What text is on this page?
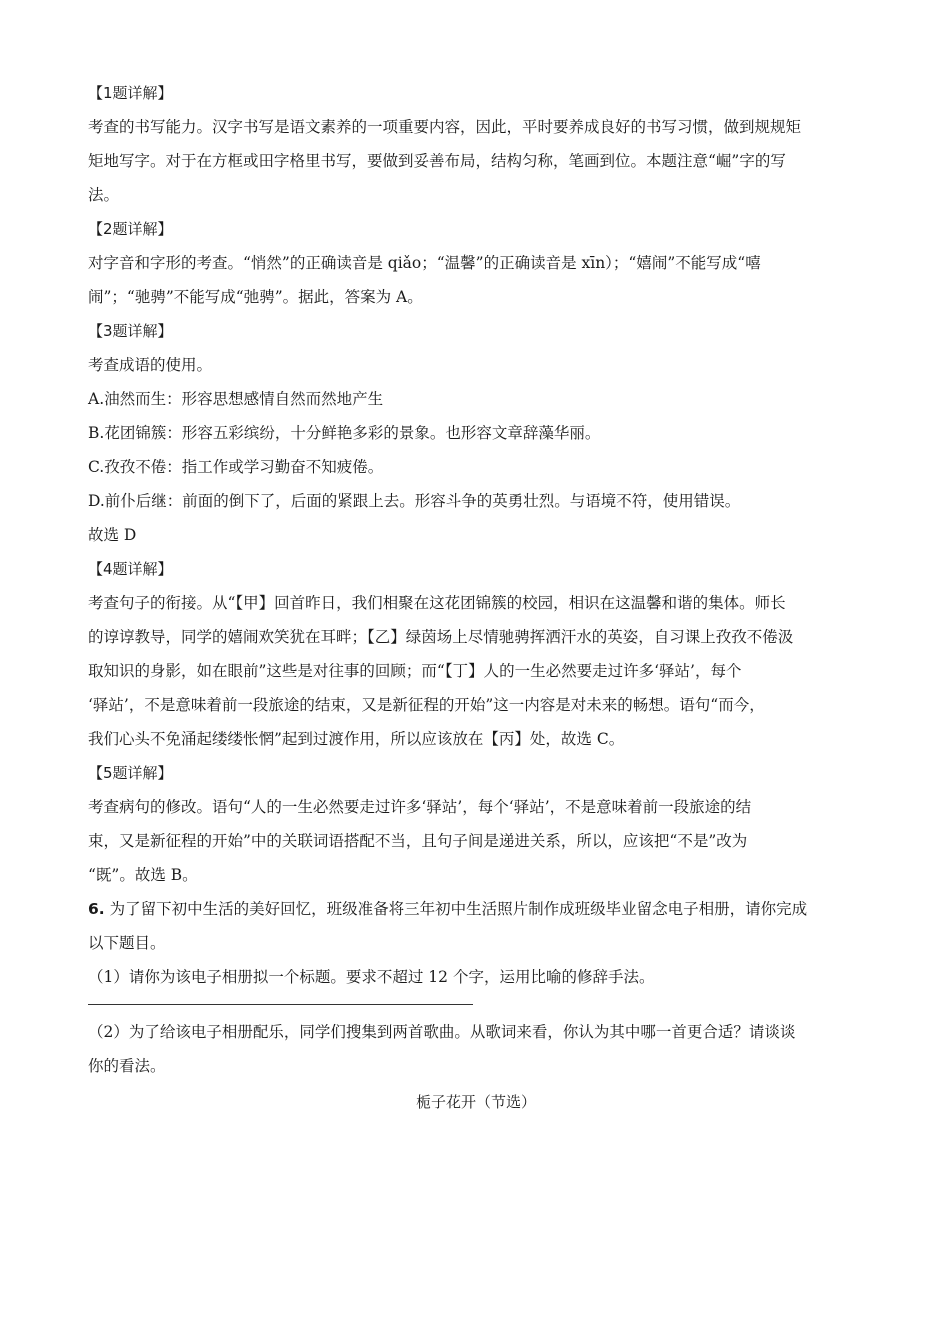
【1题详解】

考查的书写能力。汉字书写是语文素养的一项重要内容，因此，平时要养成良好的书写习惯，做到规规矩

矩地写字。对于在方框或田字格里书写，要做到妥善布局，结构匀称，笔画到位。本题注意“崛”字的写

法。

【2题详解】

对字音和字形的考查。“悄然”的正确读音是 qiǎo；“温馨”的正确读音是 xīn）；“嬉闹”不能写成“嘻

闹”；“驰骋”不能写成“弛骋”。据此，答案为 A。

【3题详解】

考查成语的使用。

A.油然而生：形容思想感情自然而然地产生

B.花团锦簇：形容五彩缤纷，十分鲜艳多彩的景象。也形容文章辞藻华丽。

C.孜孜不倦：指工作或学习勤奋不知疲倦。

D.前仆后继：前面的倒下了，后面的紧跟上去。形容斗争的英勇壮烈。与语境不符，使用错误。

故选 D

【4题详解】

考查句子的衔接。从“【甲】回首昨日，我们相聚在这花团锦簇的校园，相识在这温馨和谐的集体。师长

的谆谆教导，同学的嬉闹欢笑犹在耳畔；【乙】绿茵场上尽情驰骋挥洒汗水的英姿，自习课上孜孜不倦汲

取知识的身影，如在眼前”这些是对往事的回顾；而“【丁】人的一生必然要走过许多‘驿站’，每个

‘驿站’，不是意味着前一段旅途的结束，又是新征程的开始”这一内容是对未来的畅想。语句“而今，

我们心头不免涌起缕缕怅惘”起到过渡作用，所以应该放在【丙】处，故选 C。

【5题详解】

考查病句的修改。语句“人的一生必然要走过许多‘驿站’，每个‘驿站’，不是意味着前一段旅途的结

束，又是新征程的开始”中的关联词语搭配不当，且句子间是递进关系，所以，应该把“不是”改为

“既”。故选 B。

6. 为了留下初中生活的美好回忆，班级准备将三年初中生活照片制作成班级毕业留念电子相册，请你完成

以下题目。

（1）请你为该电子相册拟一个标题。要求不超过 12 个字，运用比喻的修辞手法。

（2）为了给该电子相册配乐，同学们搜集到两首歌曲。从歌词来看，你认为其中哪一首更合适？请谈谈

你的看法。

栀子花开（节选）
